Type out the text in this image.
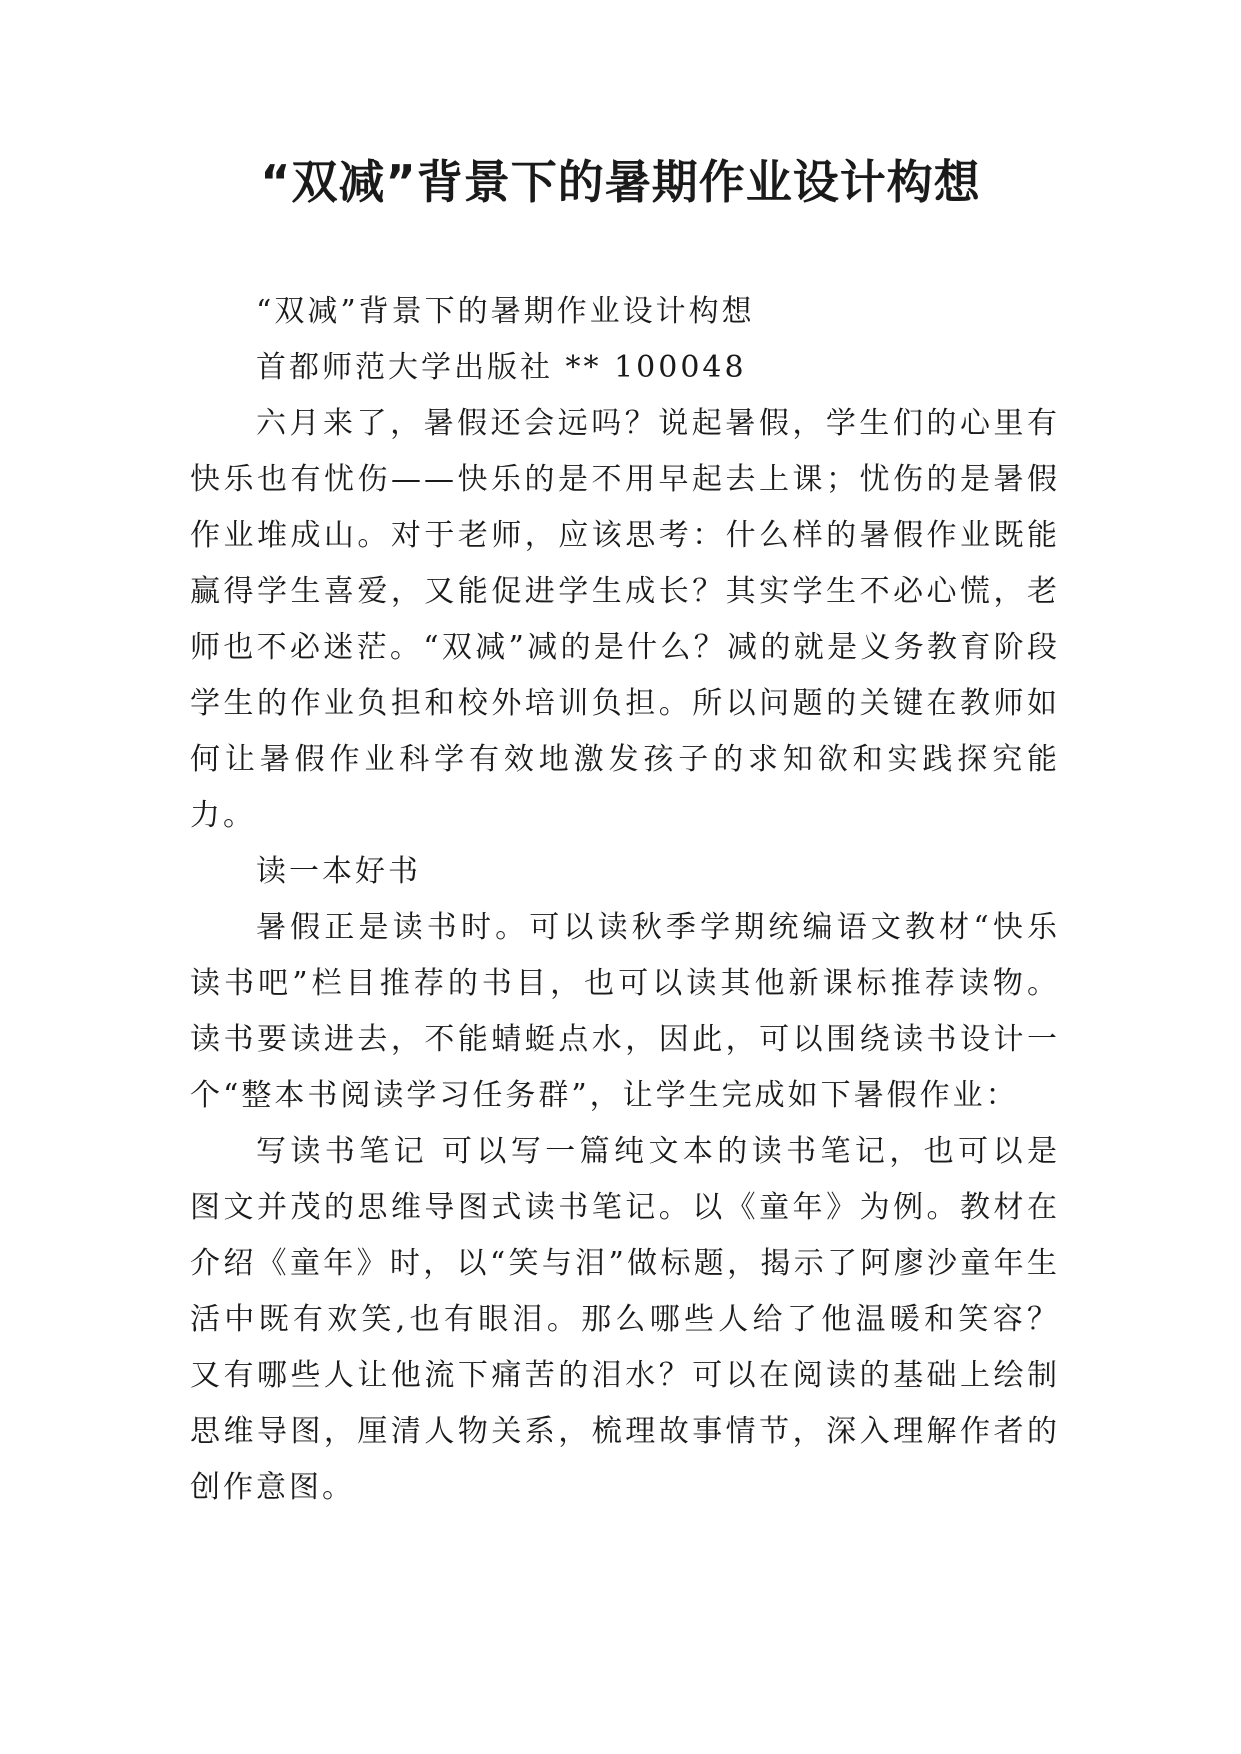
“双减”背景下的暑期作业设计构想

“双减”背景下的暑期作业设计构想

首都师范大学出版社 ** 100048

六月来了，暑假还会远吗？说起暑假，学生们的心里有快乐也有忧伤——快乐的是不用早起去上课；忧伤的是暑假作业堆成山。对于老师，应该思考：什么样的暑假作业既能赢得学生喜爱，又能促进学生成长？其实学生不必心慌，老师也不必迷茫。“双减”减的是什么？减的就是义务教育阶段学生的作业负担和校外培训负担。所以问题的关键在教师如何让暑假作业科学有效地激发孩子的求知欲和实践探究能力。

读一本好书

暑假正是读书时。可以读秋季学期统编语文教材“快乐读书吧”栏目推荐的书目，也可以读其他新课标推荐读物。读书要读进去，不能蜻蜓点水，因此，可以围绕读书设计一个“整本书阅读学习任务群”，让学生完成如下暑假作业：

写读书笔记 可以写一篇纯文本的读书笔记，也可以是图文并茂的思维导图式读书笔记。以《童年》为例。教材在介绍《童年》时，以“笑与泪”做标题，揭示了阿廖沙童年生活中既有欢笑,也有眼泪。那么哪些人给了他温暖和笑容？又有哪些人让他流下痛苦的泪水？可以在阅读的基础上绘制思维导图，厘清人物关系，梳理故事情节，深入理解作者的创作意图。
